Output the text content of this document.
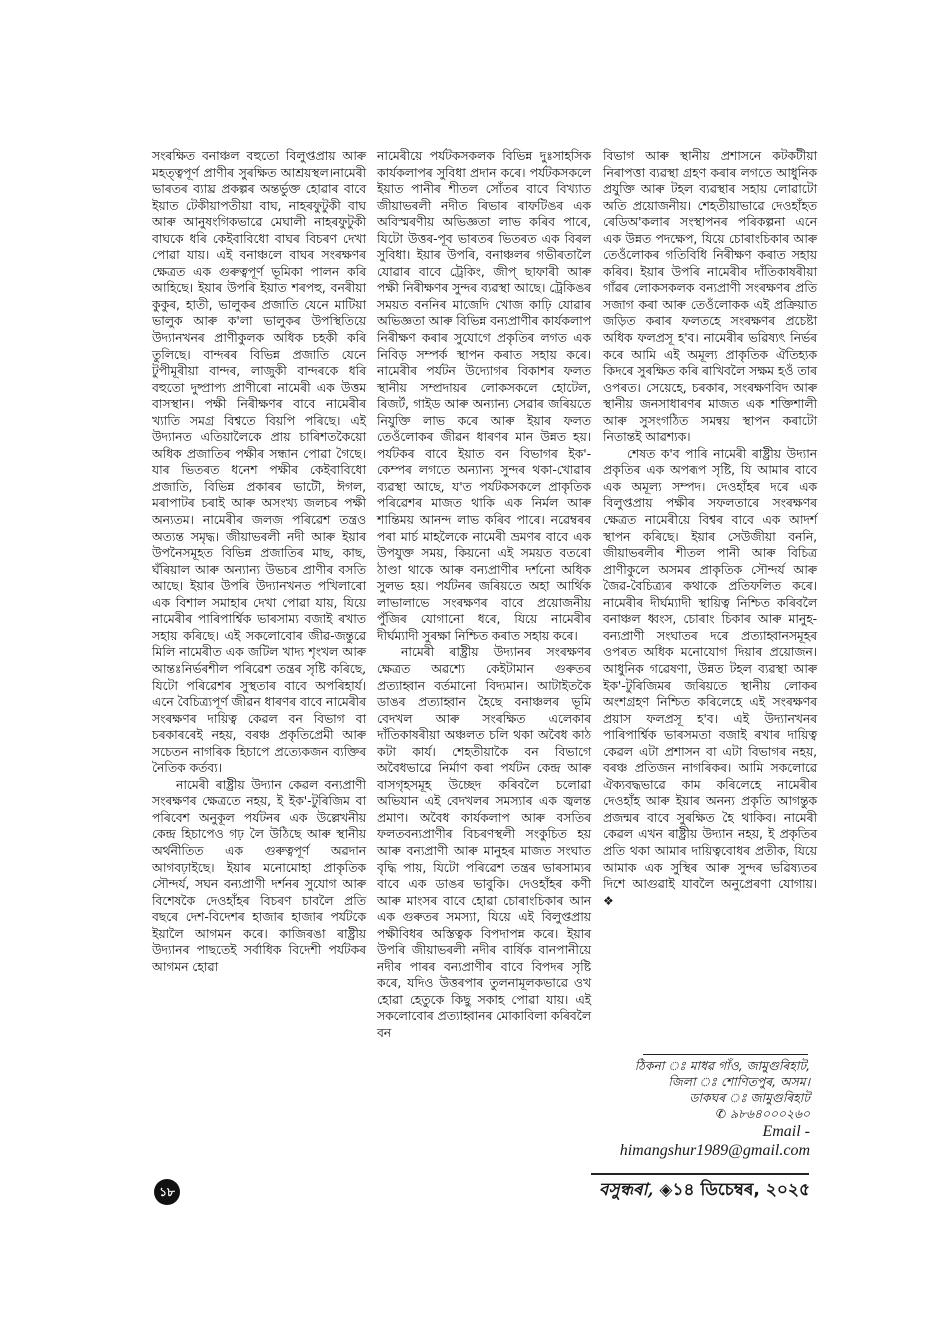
সংৰক্ষিত বনাঞ্চল বহুতো বিলুপ্তপ্ৰায় আৰু মহত্ত্বপূৰ্ণ প্ৰাণীৰ সুৰক্ষিত আশ্ৰয়স্থল।নামেৰী ভাৰতৰ ব্যাঘ্ৰ প্ৰকল্পৰ অন্তৰ্ভুক্ত হোৱাৰ বাবে ইয়াত টেকীয়াপতীয়া বাঘ, নাহৰফুটুকী বাঘ আৰু আনুষংগিকভাৱে মেঘালী নাহৰফুটুকী বাঘকে ধৰি কেইবাবিধো বাঘৰ বিচৰণ দেখা পোৱা যায়। এই বনাঞ্চলে বাঘৰ সংৰক্ষণৰ ক্ষেত্ৰত এক গুৰুত্বপূৰ্ণ ভূমিকা পালন কৰি আহিছে। ইয়াৰ উপৰি ইয়াত শৰপহু, বনৰীয়া কুকুৰ, হাতী, ভালুকৰ প্ৰজাতি যেনে মাটিয়া ভালুক আৰু ক'লা ভালুকৰ উপস্থিতিয়ে উদ্যানখনৰ প্ৰাণীকুলক অধিক চহকী কৰি তুলিছে। বান্দৰৰ বিভিন্ন প্ৰজাতি যেনে টুপীমূৰীয়া বান্দৰ, লাজুকী বান্দৰকে ধৰি বহুতো দুষ্প্ৰাপ্য প্ৰাণীৰো নামেৰী এক উত্তম বাসস্থান। পক্ষী নিৰীক্ষণৰ বাবে নামেৰীৰ খ্যাতি সমগ্ৰ বিশ্বতে বিয়পি পৰিছে। এই উদ্যানত এতিয়ালৈকে প্ৰায় চাৰিশতকৈয়ো অধিক প্ৰজাতিৰ পক্ষীৰ সন্ধান পোৱা গৈছে। যাৰ ভিতৰত ধনেশ পক্ষীৰ কেইবাবিধো প্ৰজাতি, বিভিন্ন প্ৰকাৰৰ ভাটৌ, ঈগল, মৰাপাটৰ চৰাই আৰু অসংখ্য জলচৰ পক্ষী অন্যতম। নামেৰীৰ জলজ পৰিৱেশ তন্ত্ৰও অত্যন্ত সমৃদ্ধ। জীয়াভৰলী নদী আৰু ইয়াৰ উপনৈসমূহত বিভিন্ন প্ৰজাতিৰ মাছ, কাছ, ঘঁৰিয়াল আৰু অন্যান্য উভচৰ প্ৰাণীৰ বসতি আছে। ইয়াৰ উপৰি উদ্যানখনত পখিলাৰো এক বিশাল সমাহাৰ দেখা পোৱা যায়, যিয়ে নামেৰীৰ পাৰিপাৰ্শ্বিক ভাৰসাম্য বজাই ৰখাত সহায় কৰিছে। এই সকলোবোৰ জীৱ-জন্তুৱে মিলি নামেৰীত এক জটিল খাদ্য শৃংখল আৰু আন্তঃনিৰ্ভৰশীল পৰিৱেশ তন্ত্ৰৰ সৃষ্টি কৰিছে, যিটো পৰিৱেশৰ সুস্থতাৰ বাবে অপৰিহাৰ্য। এনে বৈচিত্ৰ্যপূৰ্ণ জীৱন ধাৰণৰ বাবে নামেৰীৰ সংৰক্ষণৰ দায়িত্ব কেৱল বন বিভাগ বা চৰকাৰৰেই নহয়, বৰঞ্চ প্ৰকৃতিপ্ৰেমী আৰু সচেতন নাগৰিক হিচাপে প্ৰত্যেকজন ব্যক্তিৰ নৈতিক কৰ্তব্য।

নামেৰী ৰাষ্ট্ৰীয় উদ্যান কেৱল বন্যপ্ৰাণী সংৰক্ষণৰ ক্ষেত্ৰতে নহয়, ই ইক'-টুৰিজিম বা পৰিবেশ অনুকূল পৰ্যটনৰ এক উল্লেখনীয় কেন্দ্ৰ হিচাপেও গঢ় লৈ উঠিছে আৰু স্থানীয় অৰ্থনীতিত এক গুৰুত্বপূৰ্ণ অৱদান আগবঢ়াইছে। ইয়াৰ মনোমোহা প্ৰাকৃতিক সৌন্দৰ্য, সঘন বন্যপ্ৰাণী দৰ্শনৰ সুযোগ আৰু বিশেষকৈ দেওহাঁহৰ বিচৰণ চাবলৈ প্ৰতি বছৰে দেশ-বিদেশৰ হাজাৰ হাজাৰ পৰ্যটকে ইয়ালৈ আগমন কৰে। কাজিৰঙা ৰাষ্ট্ৰীয় উদ্যানৰ পাছতেই সৰ্বাধিক বিদেশী পৰ্যটকৰ আগমন হোৱা

নামেৰীয়ে পৰ্যটকসকলক বিভিন্ন দুঃসাহসিক কাৰ্যকলাপৰ সুবিধা প্ৰদান কৰে। পৰ্যটকসকলে ইয়াত পানীৰ শীতল সোঁতৰ বাবে বিখ্যাত জীয়াভৰলী নদীত ৰিভাৰ ৰাফটিঙৰ এক অবিস্মৰণীয় অভিজ্ঞতা লাভ কৰিব পাৰে, যিটো উত্তৰ-পূব ভাৰতৰ ভিতৰত এক বিৰল সুবিধা। ইয়াৰ উপৰি, বনাঞ্চলৰ গভীৰতালৈ যোৱাৰ বাবে ট্ৰেকিং, জীপ্ ছাফাৰী আৰু পক্ষী নিৰীক্ষণৰ সুন্দৰ ব্যৱস্থা আছে। ট্ৰেকিঙৰ সময়ত বননিৰ মাজেদি খোজ কাঢ়ি যোৱাৰ অভিজ্ঞতা আৰু বিভিন্ন বন্যপ্ৰাণীৰ কাৰ্যকলাপ নিৰীক্ষণ কৰাৰ সুযোগে প্ৰকৃতিৰ লগত এক নিবিড় সম্পৰ্ক স্থাপন কৰাত সহায় কৰে। নামেৰীৰ পৰ্যটন উদ্যোগৰ বিকাশৰ ফলত স্থানীয় সম্প্ৰদায়ৰ লোকসকলে হোটেল, ৰিজৰ্ট, গাইড আৰু অন্যান্য সেৱাৰ জৰিয়তে নিযুক্তি লাভ কৰে আৰু ইয়াৰ ফলত তেওঁলোকৰ জীৱন ধাৰণৰ মান উন্নত হয়। পৰ্যটকৰ বাবে ইয়াত বন বিভাগৰ ইক'-কেম্পৰ লগতে অন্যান্য সুন্দৰ থকা-খোৱাৰ ব্যৱস্থা আছে, য'ত পৰ্যটকসকলে প্ৰাকৃতিক পৰিৱেশৰ মাজত থাকি এক নিৰ্মল আৰু শান্তিময় আনন্দ লাভ কৰিব পাৰে। নৱেম্বৰৰ পৰা মাৰ্চ মাহলৈকে নামেৰী ভ্ৰমণৰ বাবে এক উপযুক্ত সময়, কিয়নো এই সময়ত বতৰো ঠাণ্ডা থাকে আৰু বন্যপ্ৰাণীৰ দৰ্শনো অধিক সুলভ হয়। পৰ্যটনৰ জৰিয়তে অহা আৰ্থিক লাভালাভে সংৰক্ষণৰ বাবে প্ৰয়োজনীয় পুঁজিৰ যোগানো ধৰে, যিয়ে নামেৰীৰ দীৰ্ঘম্যাদী সুৰক্ষা নিশ্চিত কৰাত সহায় কৰে।

নামেৰী ৰাষ্ট্ৰীয় উদ্যানৰ সংৰক্ষণৰ ক্ষেত্ৰত অৱশ্যে কেইটামান গুৰুতৰ প্ৰত্যাহ্বান বৰ্তমানো বিদ্যমান। আটাইতকৈ ডাঙৰ প্ৰত্যাহ্বান হৈছে বনাঞ্চলৰ ভূমি বেদখল আৰু সংৰক্ষিত এলেকাৰ দাঁতিকাষৰীয়া অঞ্চলত চলি থকা অবৈধ কাঠ কটা কাৰ্য। শেহতীয়াকৈ বন বিভাগে অবৈধভাৱে নিৰ্মাণ কৰা পৰ্যটন কেন্দ্ৰ আৰু বাসগৃহসমূহ উচ্ছেদ কৰিবলৈ চলোৱা অভিযান এই বেদখলৰ সমস্যাৰ এক জ্বলন্ত প্ৰমাণ। অবৈধ কাৰ্যকলাপ আৰু বসতিৰ ফলতবন্যপ্ৰাণীৰ বিচৰণস্থলী সংকুচিত হয় আৰু বন্যপ্ৰাণী আৰু মানুহৰ মাজত সংঘাত বৃদ্ধি পায়, যিটো পৰিৱেশ তন্ত্ৰৰ ভাৰসাম্যৰ বাবে এক ডাঙৰ ভাবুকি। দেওহাঁহৰ কণী আৰু মাংসৰ বাবে হোৱা চোৰাংচিকাৰ আন এক গুৰুতৰ সমস্যা, যিয়ে এই বিলুপ্তপ্ৰায় পক্ষীবিধৰ অস্তিত্বক বিপদাপন্ন কৰে। ইয়াৰ উপৰি জীয়াভৰলী নদীৰ বাৰ্ষিক বানপানীয়ে নদীৰ পাৰৰ বন্যপ্ৰাণীৰ বাবে বিপদৰ সৃষ্টি কৰে, যদিও উত্তৰপাৰ তুলনামূলকভাৱে ওখ হোৱা হেতুকে কিছু সকাহ পোৱা যায়। এই সকলোবোৰ প্ৰত্যাহ্বানৰ মোকাবিলা কৰিবলৈ বন

বিভাগ আৰু স্থানীয় প্ৰশাসনে কটকটীয়া নিৰাপত্তা ব্যৱস্থা গ্ৰহণ কৰাৰ লগতে আধুনিক প্ৰযুক্তি আৰু টহল ব্যৱস্থাৰ সহায় লোৱাটো অতি প্ৰয়োজনীয়। শেহতীয়াভাৱে দেওহাঁহত ৰেডিঅ'কলাৰ সংস্থাপনৰ পৰিকল্পনা এনে এক উন্নত পদক্ষেপ, যিয়ে চোৰাংচিকাৰ আৰু তেওঁলোকৰ গতিবিধি নিৰীক্ষণ কৰাত সহায় কৰিব। ইয়াৰ উপৰি নামেৰীৰ দাঁতিকাষৰীয়া গাঁৱৰ লোকসকলক বন্যপ্ৰাণী সংৰক্ষণৰ প্ৰতি সজাগ কৰা আৰু তেওঁলোকক এই প্ৰক্ৰিয়াত জড়িত কৰাৰ ফলতহে সংৰক্ষণৰ প্ৰচেষ্টা অধিক ফলপ্ৰসূ হ'ব। নামেৰীৰ ভৱিষ্যৎ নিৰ্ভৰ কৰে আমি এই অমূল্য প্ৰাকৃতিক ঐতিহ্যক কিদৰে সুৰক্ষিত কৰি ৰাখিবলৈ সক্ষম হওঁ তাৰ ওপৰত। সেয়েহে, চৰকাৰ, সংৰক্ষণবিদ আৰু স্থানীয় জনসাধাৰণৰ মাজত এক শক্তিশালী আৰু সুসংগঠিত সমন্বয় স্থাপন কৰাটো নিতান্তই আৱশ্যক।

শেষত ক'ব পাৰি নামেৰী ৰাষ্ট্ৰীয় উদ্যান প্ৰকৃতিৰ এক অপৰূপ সৃষ্টি, যি আমাৰ বাবে এক অমূল্য সম্পদ। দেওহাঁহৰ দৰে এক বিলুপ্তপ্ৰায় পক্ষীৰ সফলতাৰে সংৰক্ষণৰ ক্ষেত্ৰত নামেৰীয়ে বিশ্বৰ বাবে এক আদৰ্শ স্থাপন কৰিছে। ইয়াৰ সেউজীয়া বননি, জীয়াভৰলীৰ শীতল পানী আৰু বিচিত্ৰ প্ৰাণীকুলে অসমৰ প্ৰাকৃতিক সৌন্দৰ্য আৰু জৈৱ-বৈচিত্ৰ্যৰ কথাকে প্ৰতিফলিত কৰে। নামেৰীৰ দীৰ্ঘম্যাদী স্থায়িত্ব নিশ্চিত কৰিবলৈ বনাঞ্চল ধ্বংস, চোৰাং চিকাৰ আৰু মানুহ-বন্যপ্ৰাণী সংঘাতৰ দৰে প্ৰত্যাহ্বানসমূহৰ ওপৰত অধিক মনোযোগ দিয়াৰ প্ৰয়োজন। আধুনিক গৱেষণা, উন্নত টহল ব্যৱস্থা আৰু ইক'-টুৰিজিমৰ জৰিয়তে স্থানীয় লোকৰ অংশগ্ৰহণ নিশ্চিত কৰিলেহে এই সংৰক্ষণৰ প্ৰয়াস ফলপ্ৰসূ হ'ব। এই উদ্যানখনৰ পাৰিপাৰ্শ্বিক ভাৰসমতা বজাই ৰখাৰ দায়িত্ব কেৱল এটা প্ৰশাসন বা এটা বিভাগৰ নহয়, বৰঞ্চ প্ৰতিজন নাগৰিকৰ। আমি সকলোৱে ঐক্যবদ্ধভাৱে কাম কৰিলেহে নামেৰীৰ দেওহাঁহ আৰু ইয়াৰ অনন্য প্ৰকৃতি আগন্তুক প্ৰজন্মৰ বাবে সুৰক্ষিত হৈ থাকিব। নামেৰী কেৱল এখন ৰাষ্ট্ৰীয় উদ্যান নহয়, ই প্ৰকৃতিৰ প্ৰতি থকা আমাৰ দায়িত্ববোধৰ প্ৰতীক, যিয়ে আমাক এক সুস্থিৰ আৰু সুন্দৰ ভৱিষ্যতৰ দিশে আগুৱাই যাবলৈ অনুপ্ৰেৰণা যোগায়। ❖

ঠিকনা ঃ মাধৱ গাঁও, জামুগুৰিহাট,
জিলা ঃ শোণিতপুৰ, অসম।
ডাকঘৰ ঃ জামুগুৰিহাট
✆ ৯৮৬৪০০০২৬০
Email -
himangshur1989@gmail.com
বসুন্ধৰা, ◈১৪ ডিচেম্বৰ, ২০২৫
১৮
